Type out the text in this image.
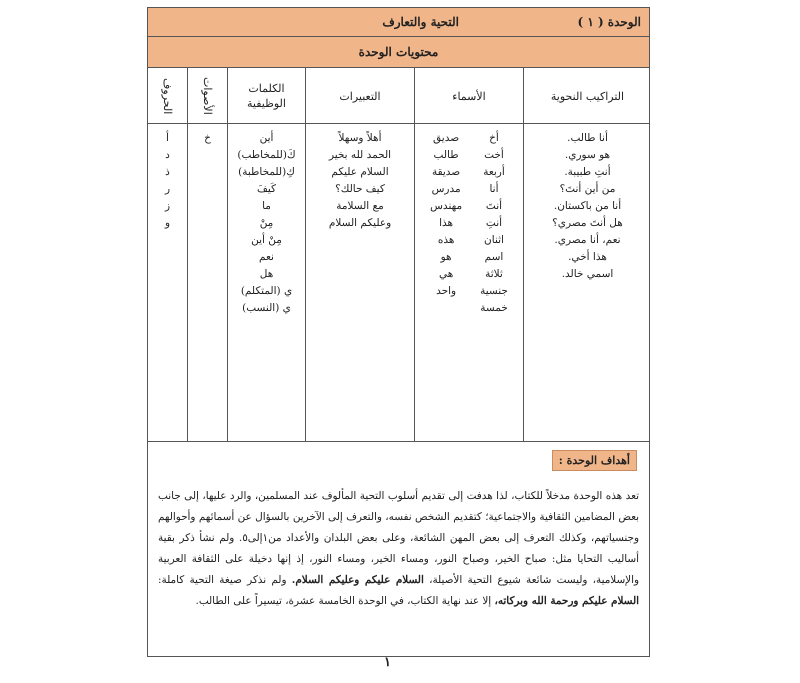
الوحدة ( ١ )
التحية والتعارف
محتويات الوحدة
التراكيب النحوية
الأسماء
التعبيرات
الكلمات الوظيفية
الأصوات
الحروف
أنا طالب.
هو سوري.
أنتِ طبيبة.
من أين أنتَ؟
أنا من باكستان.
هل أنتَ مصري؟
نعم، أنا مصري.
هذا أخي.
اسمي خالد.
أخ
أخت
أربعة
أنا
أنتَ
أنتِ
اثنان
اسم
ثلاثة
جنسية
خمسة
صديق
طالب
صديقة
مدرس
مهندس
هذا
هذه
هو
هي
واحد
أهلاً وسهلاً
الحمد لله بخير
السلام عليكم
كيف حالك؟
مع السلامة
وعليكم السلام
أين
كَ(للمخاطب)
كِ(للمخاطبة)
كَيفَ
ما
مِنْ
مِنْ أين
نعم
هل
ي (المتكلم)
ي (النسب)
خ
أ
د
ذ
ر
ز
و
أهداف الوحدة :
تعد هذه الوحدة مدخلاً للكتاب، لذا هدفت إلى تقديم أسلوب التحية المألوف عند المسلمين، والرد عليها، إلى جانب بعض المضامين الثقافية والاجتماعية؛ كتقديم الشخص نفسه، والتعرف إلى الآخرين بالسؤال عن أسمائهم وأحوالهم وجنسياتهم، وكذلك التعرف إلى بعض المهن الشائعة، وعلى بعض البلدان والأعداد من١إلى٥. ولم نشأ ذكر بقية أساليب التحايا مثل: صباح الخير، وصباح النور، ومساء الخير، ومساء النور، إذ إنها دخيلة على الثقافة العربية والإسلامية، وليست شائعة شيوع التحية الأصيلة، السلام عليكم وعليكم السلام. ولم نذكر صيغة التحية كاملة: السلام عليكم ورحمة الله وبركاته، إلا عند نهاية الكتاب، في الوحدة الخامسة عشرة، تيسيراً على الطالب.
١
